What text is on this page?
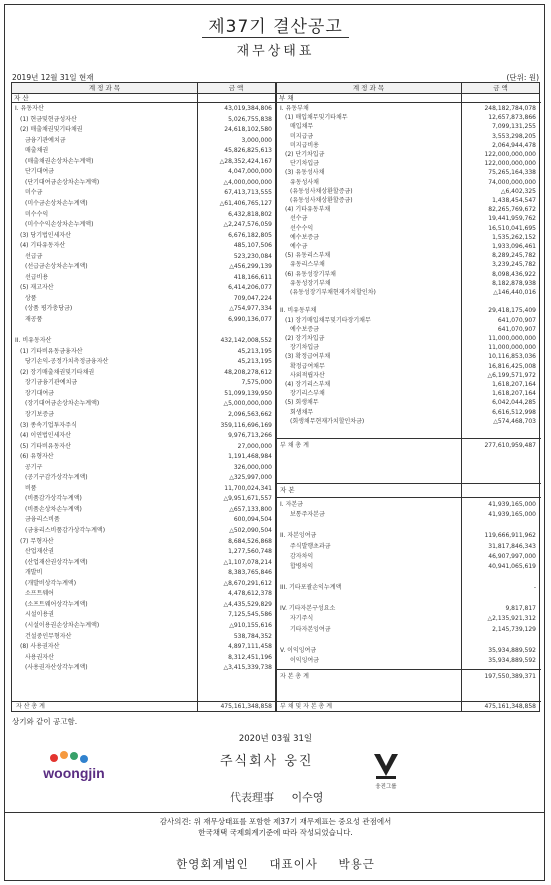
제37기 결산공고
재무상태표
2019년 12월 31일 현재	(단위: 원)
계 정 과 목	금 액	계 정 과 목	금 액
자 산	부 채
I. 유동자산	43,019,384,806
(1) 현금및현금성자산	5,026,755,838
(2) 매출채권및기타채권	24,618,102,580
금융기관예치금	3,000,000
매출채권	45,826,825,613
(매출채권손상차손누계액)	△28,352,424,167
단기대여금	4,047,000,000
(단기대여금손상차손누계액)	△4,000,000,000
미수금	67,413,713,555
(미수금손상차손누계액)	△61,406,765,127
미수수익	6,432,818,802
(미수수익손상차손누계액)	△2,247,576,059
(3) 당기법인세자산	6,676,182,805
(4) 기타유동자산	485,107,506
선급금	523,230,084
(선급금손상차손누계액)	△456,299,139
선급비용	418,166,611
(5) 재고자산	6,414,206,077
상품	709,047,224
(상품 평가충당금)	△754,977,334
재공품	6,990,136,077
II. 비유동자산	432,142,008,552
(1) 기타비유동금융자산	45,213,195
당기손익-공정가치측정금융자산	45,213,195
(2) 장기매출채권및기타채권	48,208,278,612
장기금융기관예치금	7,575,000
장기대여금	51,099,139,950
(장기대여금손상차손누계액)	△5,000,000,000
장기보증금	2,096,563,662
(3) 종속기업투자주식	359,116,696,169
(4) 이연법인세자산	9,976,713,266
(5) 기타비유동자산	27,000,000
(6) 유형자산	1,191,468,984
공기구	326,000,000
(공기구감가상각누계액)	△325,997,000
비품	11,700,024,341
(비품감가상각누계액)	△9,951,671,557
(비품손상차손누계액)	△657,133,800
금융리스비품	600,094,504
(금융리스비품감가상각누계액)	△502,090,504
(7) 무형자산	8,684,526,868
산업재산권	1,277,560,748
(산업재산권상각누계액)	△1,107,078,214
개발비	8,383,765,846
(개발비상각누계액)	△8,670,291,612
소프트웨어	4,478,612,378
(소프트웨어상각누계액)	△4,435,529,829
시설이용권	7,125,545,586
(시설이용권손상차손누계액)	△910,155,616
건설중인무형자산	538,784,352
(8) 사용권자산	4,897,111,458
사용권자산	8,312,451,196
(사용권자산상각누계액)	△3,415,339,738
I. 유동부채	248,182,784,078
(1) 매입채무및기타채무	12,657,873,866
매입채무	7,099,131,255
미지급금	3,553,298,205
미지급비용	2,064,944,478
(2) 단기차입금	122,000,000,000
단기차입금	122,000,000,000
(3) 유동성사채	75,265,164,338
유동성사채	74,000,000,000
(유동성사채상환할증금)	△6,402,325
(유동성사채상환할증금)	1,438,454,547
(4) 기타유동부채	82,265,769,672
선수금	19,441,959,762
선수수익	16,510,041,695
예수보증금	1,535,262,152
예수금	1,933,096,461
(5) 유동리스부채	8,289,245,782
유동리스부채	3,239,245,782
(6) 유동성장기부채	8,098,436,922
유동성장기부채	8,182,878,938
(유동성장기부채현재가치할인차)	△146,440,016
II. 비유동부채	29,418,175,409
(1) 장기매입채무및기타장기채무	641,070,907
예수보증금	641,070,907
(2) 장기차입금	11,000,000,000
장기차입금	11,000,000,000
(3) 확정급여부채	10,116,853,036
확정급여채무	16,816,425,008
사외적립자산	△6,199,571,972
(4) 장기리스부채	1,618,207,164
장기리스부채	1,618,207,164
(5) 회생채무	6,042,044,285
회생채무	6,616,512,998
(회생채무현재가치할인차금)	△574,468,703
부 채 총 계	277,610,959,487
자 본
I. 자본금	41,939,165,000
보통주자본금	41,939,165,000
II. 자본잉여금	119,666,911,962
주식발행초과금	31,817,846,343
감자차익	46,907,997,000
합병차익	40,941,065,619
III. 기타포괄손익누계액	-
IV. 기타자본구성요소	9,817,817
자기주식	△2,135,921,312
기타자본잉여금	2,145,739,129
V. 이익잉여금	35,934,889,592
이익잉여금	35,934,889,592
자 본 총 계	197,550,389,371
자 산 총 계	475,161,348,858 부 채 및 자 본 총 계	475,161,348,858
상기와 같이 공고함.
2020년 03월 31일
woongjin
주식회사 웅진
웅진그룹
代表理事 이수영
감사의견: 위 재무상태표를 포함한 제37기 재무제표는 중요성 관점에서
한국채택 국제회계기준에 따라 작성되었습니다.
한영회계법인 대표이사 박용근
